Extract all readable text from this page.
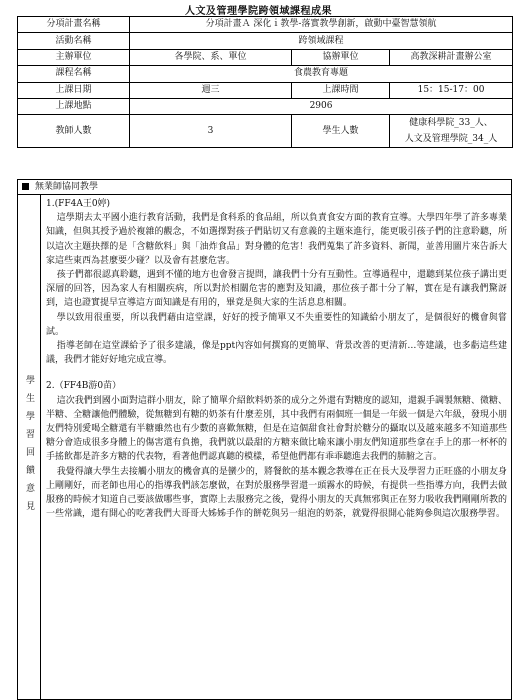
人文及管理學院跨領域課程成果
分項計畫名稱	分項計畫Ａ 深化ｉ教學-落實教學創新，啟動中臺智慧領航		
活動名稱	跨領域課程		
主辦單位	各學院、系、單位	協辦單位	高教深耕計畫辦公室
課程名稱	食農教育專題		
上課日期	週三	上課時間	15：15-17：00
上課地點	2906		
教師人數	3	學生人數	健康科學院_33_人、
人文及管理學院_34_人
無業師協同教學
學生學習回饋意見

1.(FF4A王0婷)

這學期去太平國小進行教育活動，我們是食科系的食品組，所以負責食安方面的教育宣導。大學四年學了許多專業知識，但與其授予過於複雜的觀念，不如選擇對孩子們貼切又有意義的主題來進行，能更吸引孩子們的注意聆聽，所以這次主題抉擇的是「含糖飲料」與「油炸食品」對身體的危害！我們蒐集了許多資料、新聞，並善用圖片來告訴大家這些東西為甚麼要少碰？以及會有甚麼危害。

孩子們都很認真聆聽，遇到不懂的地方也會發言提問，讓我們十分有互動性。宣導過程中，還聽到某位孩子講出更深層的回答，因為家人有相關疾病，所以對於相關危害的應對及知識，那位孩子都十分了解，實在是有讓我們驚訝到，這也證實提早宣導這方面知識是有用的，畢竟是與大家的生活息息相關。

學以致用很重要，所以我們藉由這堂課，好好的授予簡單又不失重要性的知識給小朋友了，是個很好的機會與嘗試。

指導老師在這堂課給予了很多建議，像是ppt內容如何撰寫的更簡單、背景改善的更清新…等建議，也多虧這些建議，我們才能好好地完成宣導。

2.（FF4B游0苗）

這次我們到國小面對這群小朋友，除了簡單介紹飲料奶茶的成分之外還有對糖度的認知，還親手調製無糖、微糖、半糖、全糖讓他們體驗，從無糖到有糖的奶茶有什麼差別，其中我們有兩個班一個是一年級一個是六年級，發現小朋友們特別愛喝全糖還有半糖雖然也有少數的喜歡無糖，但是在這個甜食社會對於糖分的攝取以及越來越多不知道那些糖分會造成很多身體上的傷害還有負擔，我們就以最甜的方糖來做比喻來讓小朋友們知道那些拿在手上的那一杯杯的手搖飲都是許多方糖的代表物，看著他們認真聽的模樣，希望他們都有乖乖聽進去我們的肺腑之言。

我覺得讓大學生去接觸小朋友的機會真的是蠻少的，將餐飲的基本觀念教導在正在長大及學習力正旺盛的小朋友身上剛剛好，而老師也用心的指導我們該怎麼做，在對於服務學習還一頭霧水的時候，有提供一些指導方向，我們去做服務的時候才知道自己要該做哪些事，實際上去服務完之後，覺得小朋友的天真無邪與正在努力吸收我們剛剛所教的一些常識，還有開心的吃著我們大哥哥大姊姊手作的餅乾與另一組泡的奶茶，就覺得很開心能夠參與這次服務學習。
